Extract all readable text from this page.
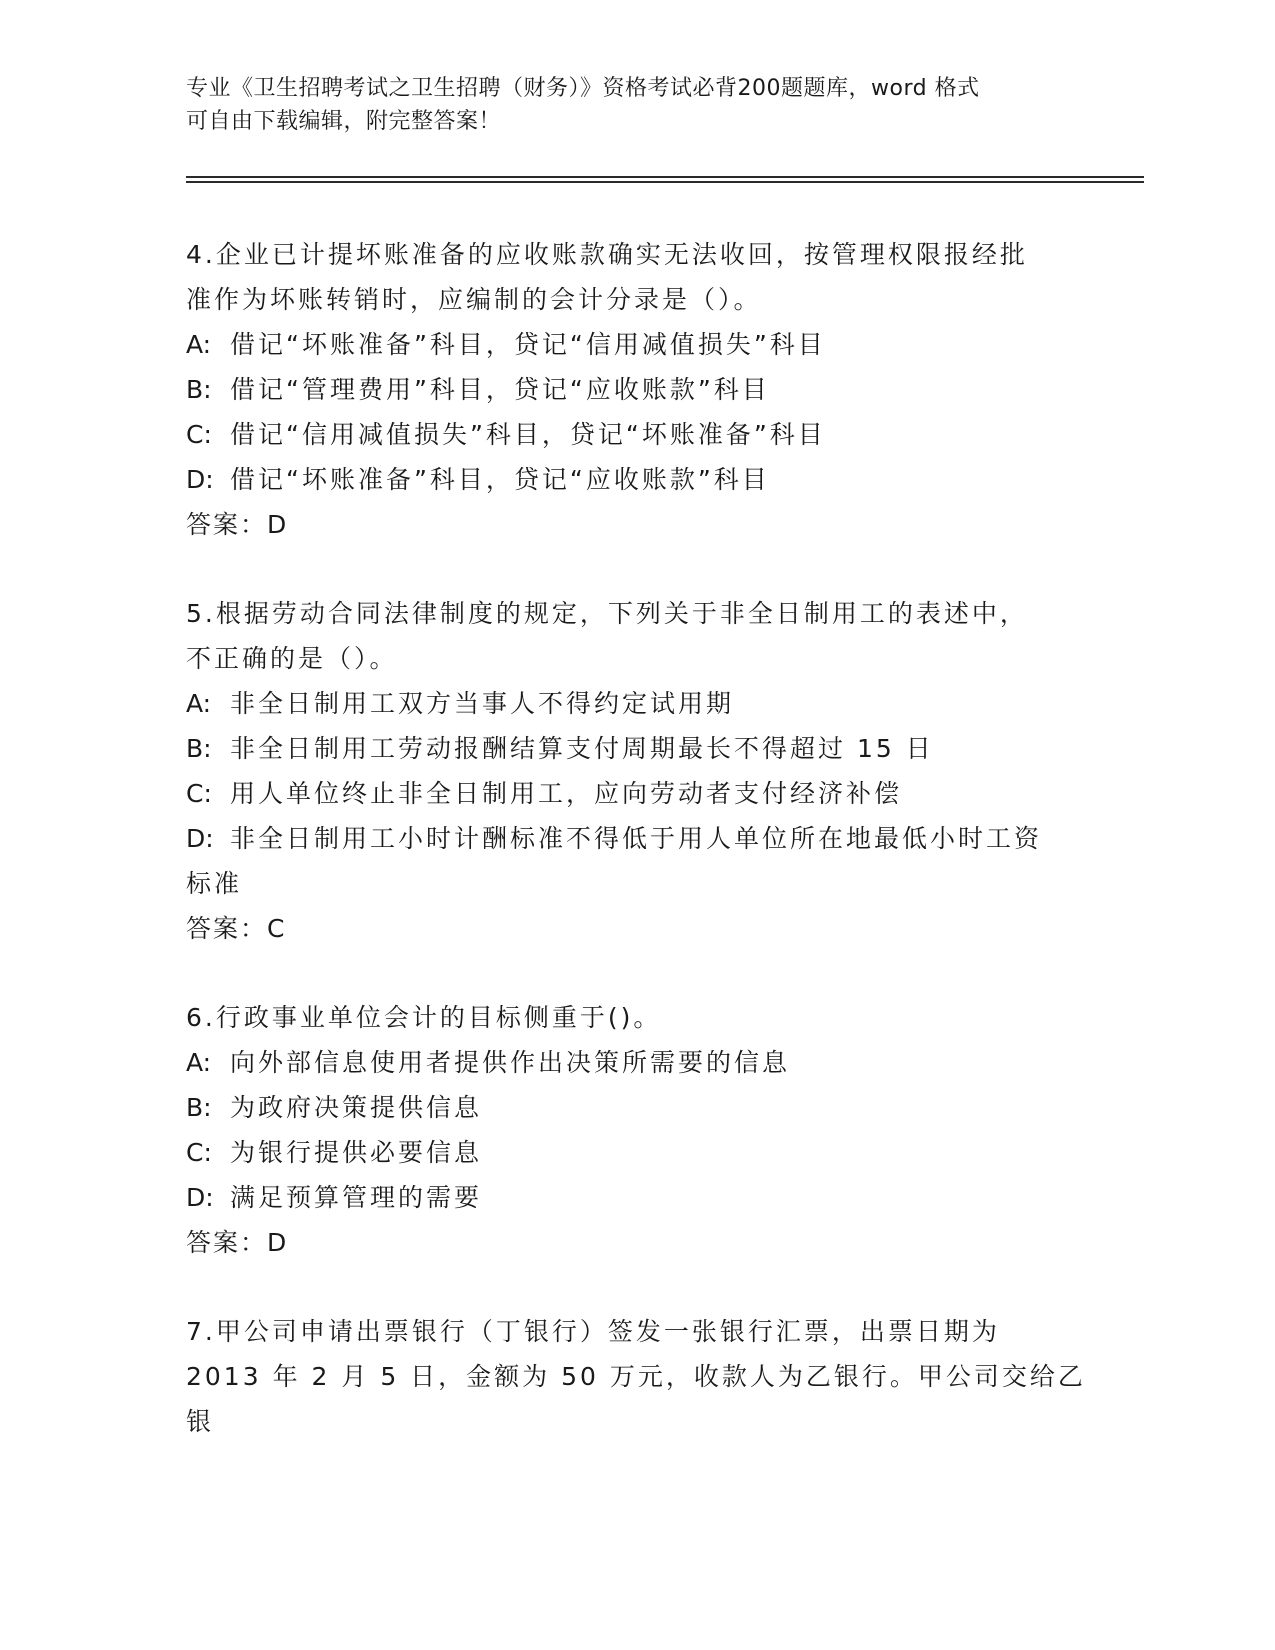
专业《卫生招聘考试之卫生招聘（财务）》资格考试必背200题题库，word 格式
可自由下载编辑，附完整答案！

4.企业已计提坏账准备的应收账款确实无法收回，按管理权限报经批

准作为坏账转销时，应编制的会计分录是（）。

A: 借记“坏账准备”科目，贷记“信用减值损失”科目

B: 借记“管理费用”科目，贷记“应收账款”科目

C: 借记“信用减值损失”科目，贷记“坏账准备”科目

D: 借记“坏账准备”科目，贷记“应收账款”科目

答案：D

5.根据劳动合同法律制度的规定，下列关于非全日制用工的表述中，

不正确的是（）。

A: 非全日制用工双方当事人不得约定试用期

B: 非全日制用工劳动报酬结算支付周期最长不得超过 15 日

C: 用人单位终止非全日制用工，应向劳动者支付经济补偿

D: 非全日制用工小时计酬标准不得低于用人单位所在地最低小时工资

标准

答案：C

6.行政事业单位会计的目标侧重于()。

A: 向外部信息使用者提供作出决策所需要的信息

B: 为政府决策提供信息

C: 为银行提供必要信息

D: 满足预算管理的需要

答案：D

7.甲公司申请出票银行（丁银行）签发一张银行汇票，出票日期为

2013 年 2 月 5 日，金额为 50 万元，收款人为乙银行。甲公司交给乙银
